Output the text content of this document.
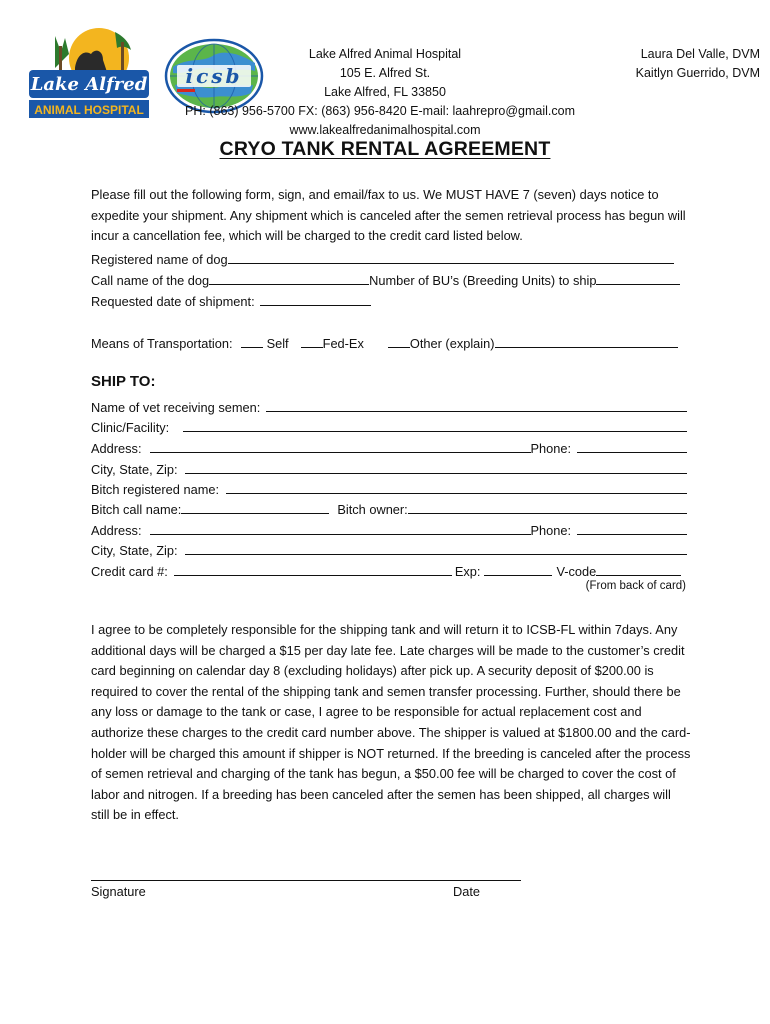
Lake Alfred
ANIMAL HOSPITAL
icsb
Lake Alfred Animal Hospital
105 E. Alfred St.
Lake Alfred, FL 33850
PH: (863) 956-5700 FX: (863) 956-8420 E-mail: laahrepro@gmail.com
www.lakealfredanimalhospital.com
Laura Del Valle, DVM
Kaitlyn Guerrido, DVM
CRYO TANK RENTAL AGREEMENT
Please fill out the following form, sign, and email/fax to us. We MUST HAVE 7 (seven) days notice to expedite your shipment. Any shipment which is canceled after the semen retrieval process has begun will incur a cancellation fee, which will be charged to the credit card listed below.
Registered name of dog
Call name of the dog	Number of BU’s (Breeding Units) to ship
Requested date of shipment:
Means of Transportation:	Self	Fed-Ex	Other (explain)
SHIP TO:
Name of vet receiving semen:
Clinic/Facility:
Address:	Phone:
City, State, Zip:
Bitch registered name:
Bitch call name:	Bitch owner:
Address:	Phone:
City, State, Zip:
Credit card #:	Exp:	V-code
(From back of card)
I agree to be completely responsible for the shipping tank and will return it to ICSB-FL within 7days. Any additional days will be charged a $15 per day late fee. Late charges will be made to the customer’s credit card beginning on calendar day 8 (excluding holidays) after pick up. A security deposit of $200.00 is required to cover the rental of the shipping tank and semen transfer processing. Further, should there be any loss or damage to the tank or case, I agree to be responsible for actual replacement cost and authorize these charges to the credit card number above. The shipper is valued at $1800.00 and the card-holder will be charged this amount if shipper is NOT returned. If the breeding is canceled after the process of semen retrieval and charging of the tank has begun, a $50.00 fee will be charged to cover the cost of labor and nitrogen. If a breeding has been canceled after the semen has been shipped, all charges will still be in effect.
Signature	Date
